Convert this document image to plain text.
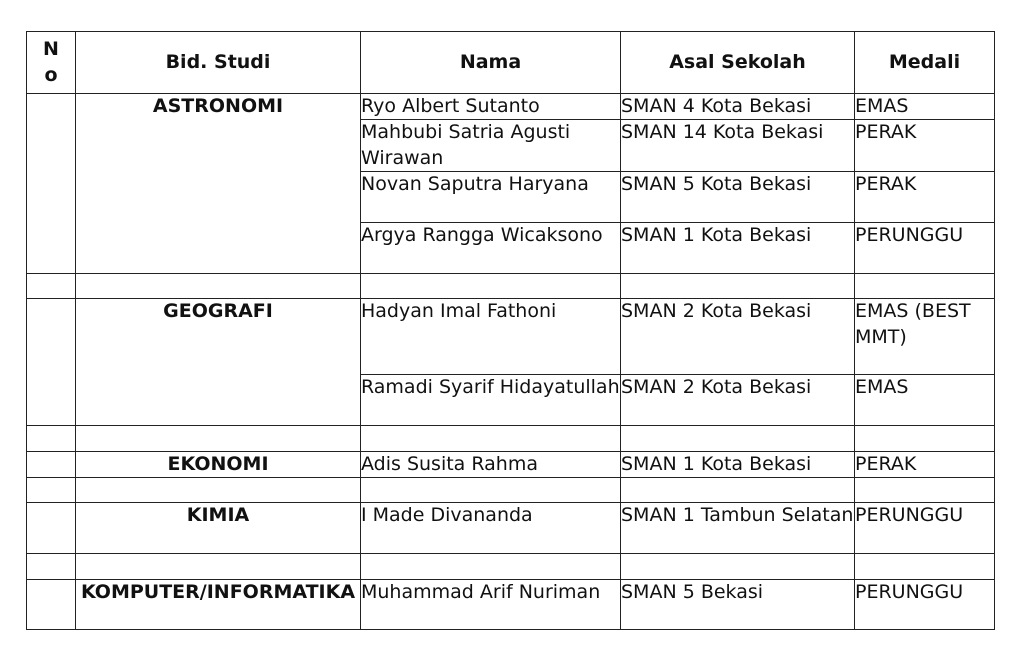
N
o	Bid. Studi	Nama	Asal Sekolah	Medali
	ASTRONOMI	Ryo Albert Sutanto	SMAN 4 Kota Bekasi	EMAS
		Mahbubi Satria Agusti Wirawan	SMAN 14 Kota Bekasi	PERAK
		Novan Saputra Haryana	SMAN 5 Kota Bekasi	PERAK
		Argya Rangga Wicaksono	SMAN 1 Kota Bekasi	PERUNGGU

	GEOGRAFI	Hadyan Imal Fathoni	SMAN 2 Kota Bekasi	EMAS (BEST MMT)
		Ramadi Syarif Hidayatullah	SMAN 2 Kota Bekasi	EMAS

	EKONOMI	Adis Susita Rahma	SMAN 1 Kota Bekasi	PERAK

	KIMIA	I Made Divananda	SMAN 1 Tambun Selatan	PERUNGGU

	KOMPUTER/INFORMATIKA	Muhammad Arif Nuriman	SMAN 5 Bekasi	PERUNGGU
